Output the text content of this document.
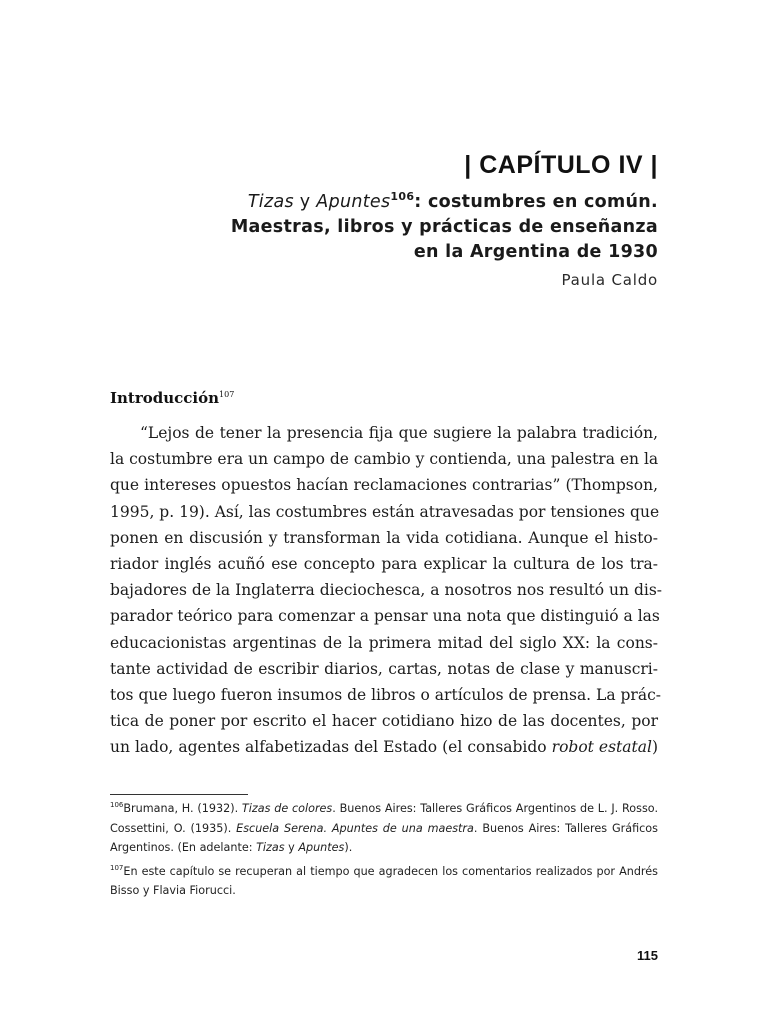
| CAPÍTULO IV |
Tizas y Apuntes$^{106}$: costumbres en común.
Maestras, libros y prácticas de enseñanza
en la Argentina de 1930
Paula Caldo
Introducción$^{107}$
“Lejos de tener la presencia fija que sugiere la palabra tradición,
la costumbre era un campo de cambio y contienda, una palestra en la
que intereses opuestos hacían reclamaciones contrarias” (Thompson,
1995, p. 19). Así, las costumbres están atravesadas por tensiones que
ponen en discusión y transforman la vida cotidiana. Aunque el histo-
riador inglés acuñó ese concepto para explicar la cultura de los tra-
bajadores de la Inglaterra dieciochesca, a nosotros nos resultó un dis-
parador teórico para comenzar a pensar una nota que distinguió a las
educacionistas argentinas de la primera mitad del siglo XX: la cons-
tante actividad de escribir diarios, cartas, notas de clase y manuscri-
tos que luego fueron insumos de libros o artículos de prensa. La prác-
tica de poner por escrito el hacer cotidiano hizo de las docentes, por
un lado, agentes alfabetizadas del Estado (el consabido robot estatal)

$^{106}$Brumana, H. (1932). Tizas de colores. Buenos Aires: Talleres Gráficos Argentinos de L. J. Rosso. Cossettini, O. (1935). Escuela Serena. Apuntes de una maestra. Buenos Aires: Talleres Gráficos Argentinos. (En adelante: Tizas y Apuntes).

$^{107}$En este capítulo se recuperan al tiempo que agradecen los comentarios realizados por Andrés Bisso y Flavia Fiorucci.

115
